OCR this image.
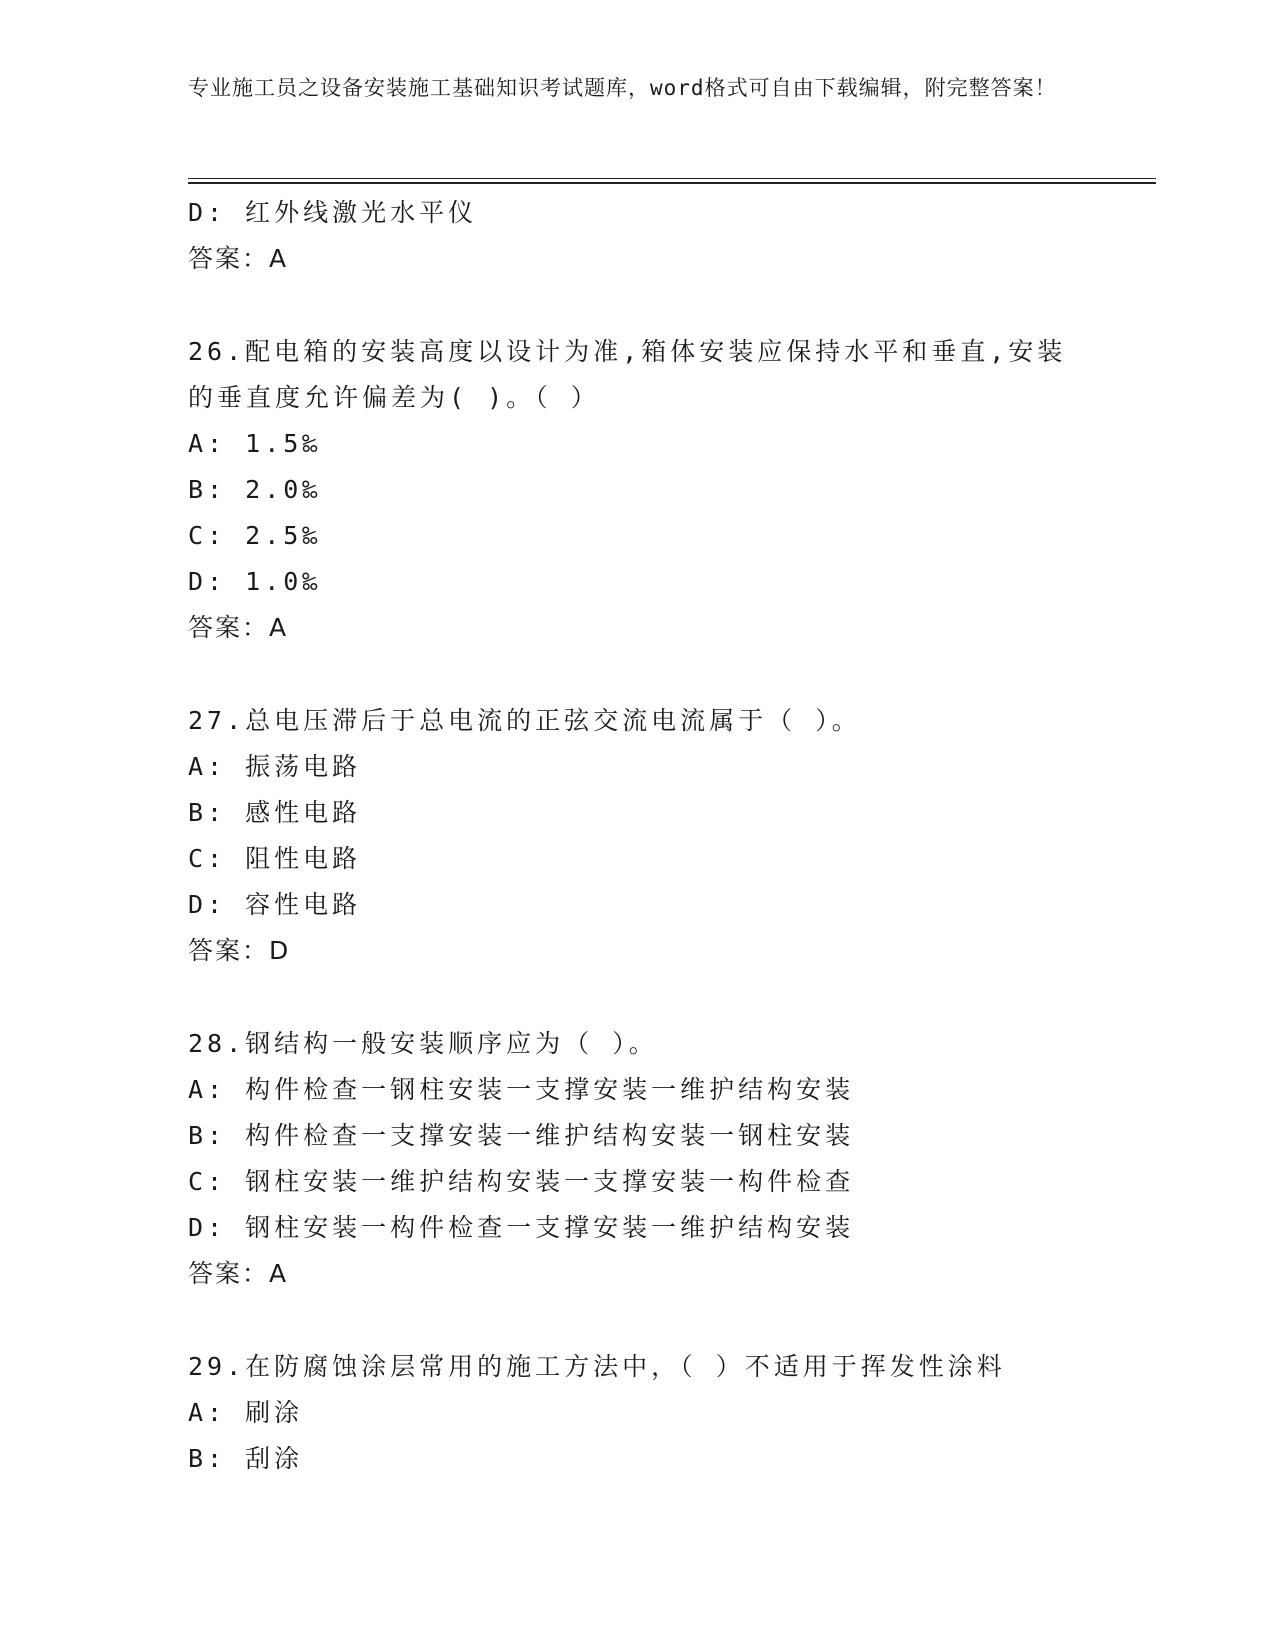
专业施工员之设备安装施工基础知识考试题库，word格式可自由下载编辑，附完整答案！
D: 红外线激光水平仪
答案：A
26.配电箱的安装高度以设计为准,箱体安装应保持水平和垂直,安装的垂直度允许偏差为( )。（ ）
A: 1.5‰
B: 2.0‰
C: 2.5‰
D: 1.0‰
答案：A
27.总电压滞后于总电流的正弦交流电流属于（ ）。
A: 振荡电路
B: 感性电路
C: 阻性电路
D: 容性电路
答案：D
28.钢结构一般安装顺序应为（ ）。
A: 构件检查一钢柱安装一支撑安装一维护结构安装
B: 构件检查一支撑安装一维护结构安装一钢柱安装
C: 钢柱安装一维护结构安装一支撑安装一构件检查
D: 钢柱安装一构件检查一支撑安装一维护结构安装
答案：A
29.在防腐蚀涂层常用的施工方法中，（ ）不适用于挥发性涂料
A: 刷涂
B: 刮涂
